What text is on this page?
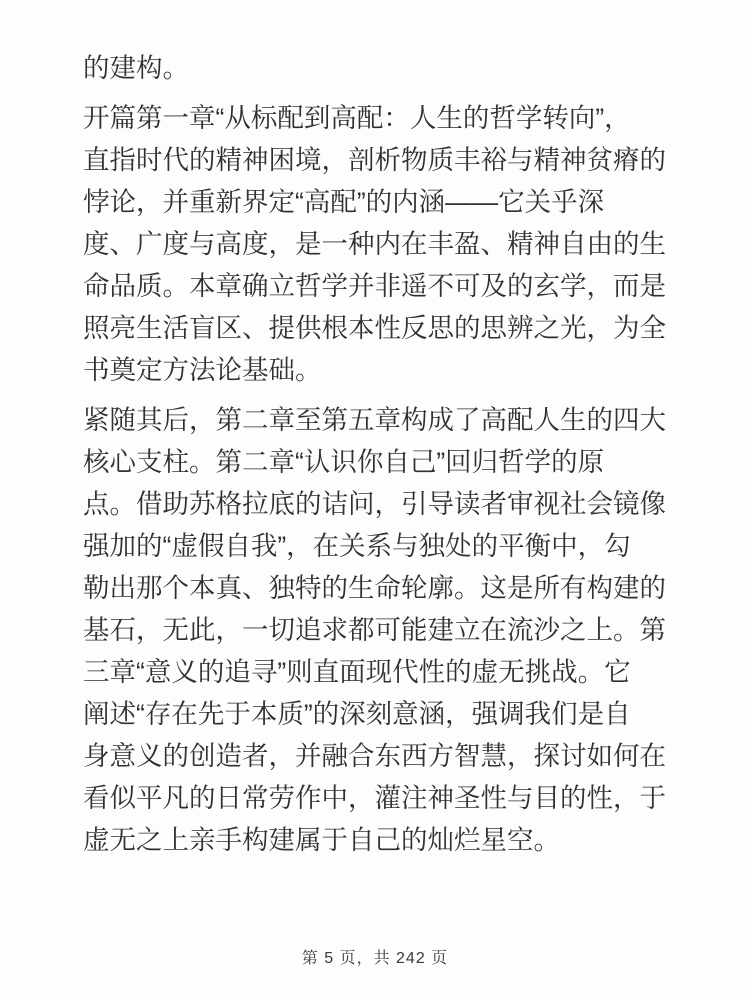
的建构。

开篇第一章“从标配到高配：人生的哲学转向”，
直指时代的精神困境，剖析物质丰裕与精神贫瘠的
悖论，并重新界定“高配”的内涵——它关乎深
度、广度与高度，是一种内在丰盈、精神自由的生
命品质。本章确立哲学并非遥不可及的玄学，而是
照亮生活盲区、提供根本性反思的思辨之光，为全
书奠定方法论基础。

紧随其后，第二章至第五章构成了高配人生的四大
核心支柱。第二章“认识你自己”回归哲学的原
点。借助苏格拉底的诘问，引导读者审视社会镜像
强加的“虚假自我”，在关系与独处的平衡中，勾
勒出那个本真、独特的生命轮廓。这是所有构建的
基石，无此，一切追求都可能建立在流沙之上。第
三章“意义的追寻”则直面现代性的虚无挑战。它
阐述“存在先于本质”的深刻意涵，强调我们是自
身意义的创造者，并融合东西方智慧，探讨如何在
看似平凡的日常劳作中，灌注神圣性与目的性，于
虚无之上亲手构建属于自己的灿烂星空。

第 5 页，共 242 页
